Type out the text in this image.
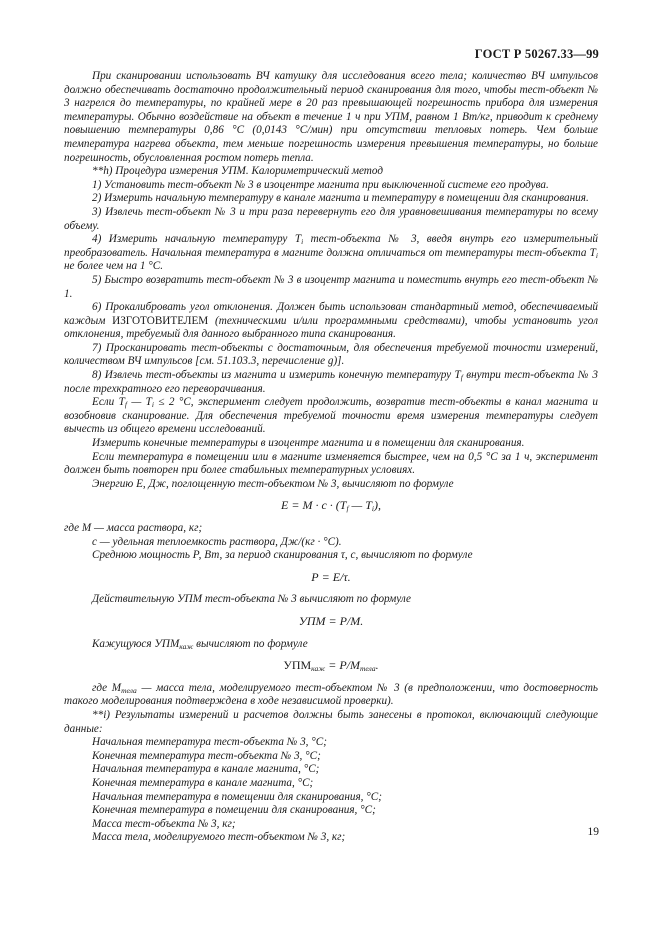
ГОСТ Р 50267.33—99

При сканировании использовать ВЧ катушку для исследования всего тела; количество ВЧ импульсов должно обеспечивать достаточно продолжительный период сканирования для того, чтобы тест-объект № 3 нагрелся до температуры, по крайней мере в 20 раз превышающей погрешность прибора для измерения температуры. Обычно воздействие на объект в течение 1 ч при УПМ, равном 1 Вт/кг, приводит к среднему повышению температуры 0,86 °С (0,0143 °С/мин) при отсутствии тепловых потерь. Чем больше температура нагрева объекта, тем меньше погрешность измерения превышения температуры, но больше погрешность, обусловленная ростом потерь тепла.

**h) Процедура измерения УПМ. Калориметрический метод

1) Установить тест-объект № 3 в изоцентре магнита при выключенной системе его продува.

2) Измерить начальную температуру в канале магнита и температуру в помещении для сканирования.

3) Извлечь тест-объект № 3 и три раза перевернуть его для уравновешивания температуры по всему объему.

4) Измерить начальную температуру $T_i$ тест-объекта № 3, введя внутрь его измерительный преобразователь. Начальная температура в магните должна отличаться от температуры тест-объекта $T_i$ не более чем на 1 °С.

5) Быстро возвратить тест-объект № 3 в изоцентр магнита и поместить внутрь его тест-объект № 1.

6) Прокалибровать угол отклонения. Должен быть использован стандартный метод, обеспечиваемый каждым ИЗГОТОВИТЕЛЕМ (техническими и/или программными средствами), чтобы установить угол отклонения, требуемый для данного выбранного типа сканирования.

7) Просканировать тест-объекты с достаточным, для обеспечения требуемой точности измерений, количеством ВЧ импульсов [см. 51.103.3, перечисление g)].

8) Извлечь тест-объекты из магнита и измерить конечную температуру $T_f$ внутри тест-объекта № 3 после трехкратного его переворачивания.

Если $T_f$ — $T_i \le 2$ °С, эксперимент следует продолжить, возвратив тест-объекты в канал магнита и возобновив сканирование. Для обеспечения требуемой точности время измерения температуры следует вычесть из общего времени исследований.

Измерить конечные температуры в изоцентре магнита и в помещении для сканирования.

Если температура в помещении или в магните изменяется быстрее, чем на 0,5 °С за 1 ч, эксперимент должен быть повторен при более стабильных температурных условиях.

Энергию Е, Дж, поглощенную тест-объектом № 3, вычисляют по формуле

$Е = М \cdot с \cdot (T_f$ — $T_i$),

где М — масса раствора, кг;

с — удельная теплоемкость раствора, Дж/(кг · °С).

Среднюю мощность Р, Вт, за период сканирования τ, с, вычисляют по формуле

Р = Е/τ.

Действительную УПМ тест-объекта № 3 вычисляют по формуле

УПМ = Р/М.

Кажущуюся $УПМ_{каж}$ вычисляют по формуле

$УПМ_{каж} = Р/М_{тела}$.

где $М_{тела}$ — масса тела, моделируемого тест-объектом № 3 (в предположении, что достоверность такого моделирования подтверждена в ходе независимой проверки).

**i) Результаты измерений и расчетов должны быть занесены в протокол, включающий следующие данные:

Начальная температура тест-объекта № 3, °С;

Конечная температура тест-объекта № 3, °С;

Начальная температура в канале магнита, °С;

Конечная температура в канале магнита, °С;

Начальная температура в помещении для сканирования, °С;

Конечная температура в помещении для сканирования, °С;

Масса тест-объекта № 3, кг;

Масса тела, моделируемого тест-объектом № 3, кг;	19
